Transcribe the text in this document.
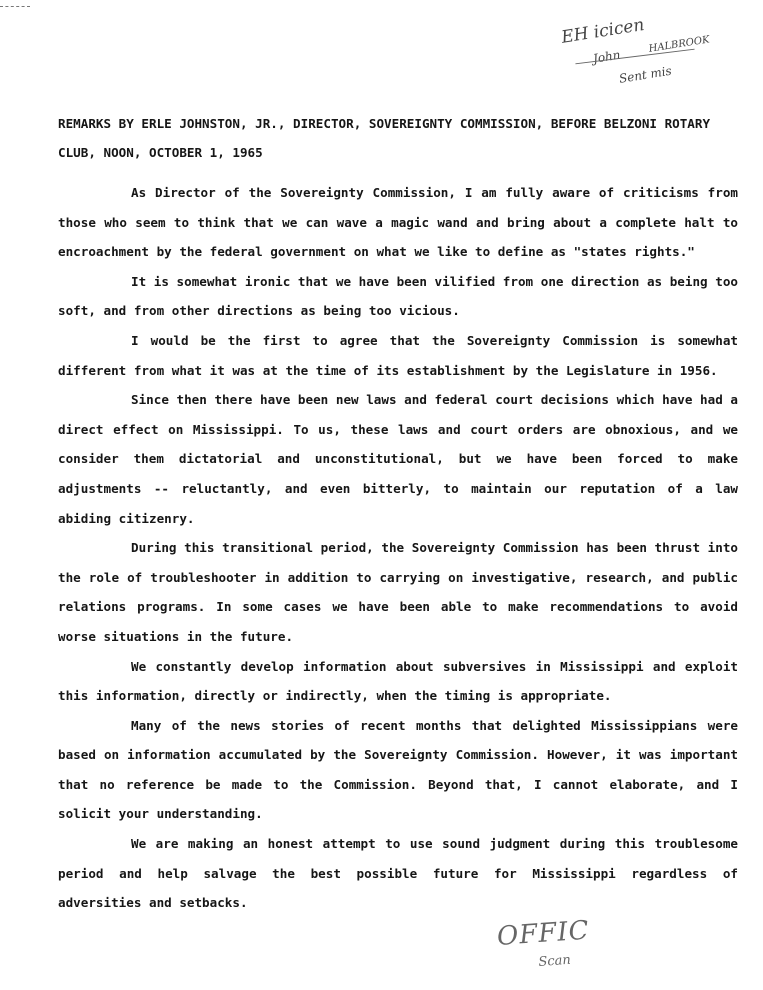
EH icicen
John
HALBROOK
Sent mis
REMARKS BY ERLE JOHNSTON, JR., DIRECTOR, SOVEREIGNTY COMMISSION, BEFORE BELZONI ROTARY CLUB, NOON, OCTOBER 1, 1965

As Director of the Sovereignty Commission, I am fully aware of criticisms from those who seem to think that we can wave a magic wand and bring about a complete halt to encroachment by the federal government on what we like to define as "states rights."

It is somewhat ironic that we have been vilified from one direction as being too soft, and from other directions as being too vicious.

I would be the first to agree that the Sovereignty Commission is somewhat different from what it was at the time of its establishment by the Legislature in 1956.

Since then there have been new laws and federal court decisions which have had a direct effect on Mississippi. To us, these laws and court orders are obnoxious, and we consider them dictatorial and unconstitutional, but we have been forced to make adjustments -- reluctantly, and even bitterly, to maintain our reputation of a law abiding citizenry.

During this transitional period, the Sovereignty Commission has been thrust into the role of troubleshooter in addition to carrying on investigative, research, and public relations programs. In some cases we have been able to make recommendations to avoid worse situations in the future.

We constantly develop information about subversives in Mississippi and exploit this information, directly or indirectly, when the timing is appropriate.

Many of the news stories of recent months that delighted Mississippians were based on information accumulated by the Sovereignty Commission. However, it was important that no reference be made to the Commission. Beyond that, I cannot elaborate, and I solicit your understanding.

We are making an honest attempt to use sound judgment during this troublesome period and help salvage the best possible future for Mississippi regardless of adversities and setbacks.

OFFIC
Scan
